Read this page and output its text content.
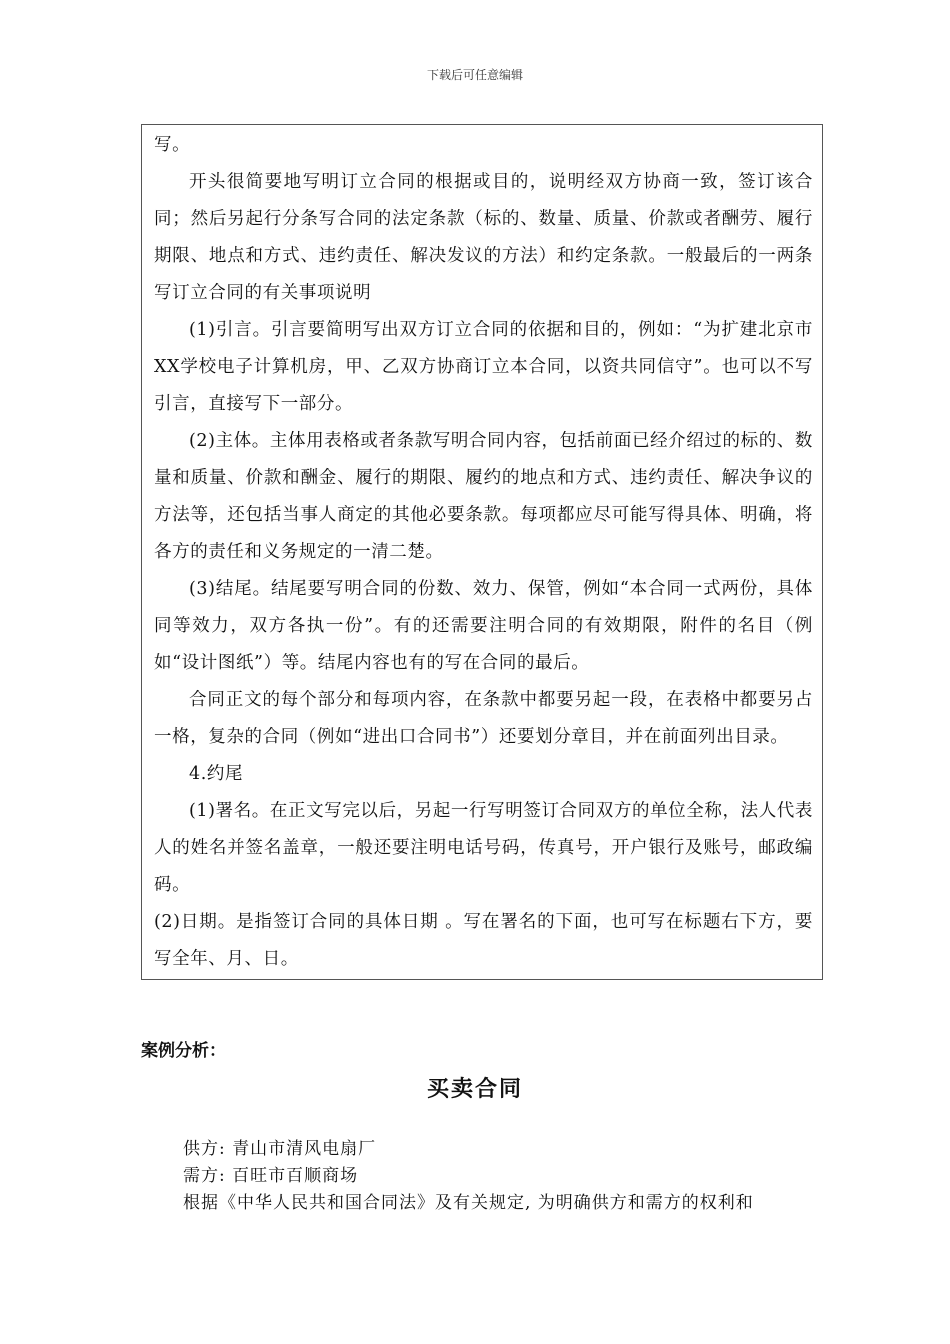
下载后可任意编辑

写。

开头很简要地写明订立合同的根据或目的，说明经双方协商一致，签订该合同；然后另起行分条写合同的法定条款（标的、数量、质量、价款或者酬劳、履行期限、地点和方式、违约责任、解决发议的方法）和约定条款。一般最后的一两条写订立合同的有关事项说明

(1)引言。引言要简明写出双方订立合同的依据和目的，例如：“为扩建北京市XX学校电子计算机房，甲、乙双方协商订立本合同，以资共同信守”。也可以不写引言，直接写下一部分。

(2)主体。主体用表格或者条款写明合同内容，包括前面已经介绍过的标的、数量和质量、价款和酬金、履行的期限、履约的地点和方式、违约责任、解决争议的方法等，还包括当事人商定的其他必要条款。每项都应尽可能写得具体、明确，将各方的责任和义务规定的一清二楚。

(3)结尾。结尾要写明合同的份数、效力、保管，例如“本合同一式两份，具体同等效力，双方各执一份”。有的还需要注明合同的有效期限，附件的名目（例如“设计图纸”）等。结尾内容也有的写在合同的最后。

合同正文的每个部分和每项内容，在条款中都要另起一段，在表格中都要另占一格，复杂的合同（例如“进出口合同书”）还要划分章目，并在前面列出目录。

4.约尾

(1)署名。在正文写完以后，另起一行写明签订合同双方的单位全称，法人代表人的姓名并签名盖章，一般还要注明电话号码，传真号，开户银行及账号，邮政编码。

(2)日期。是指签订合同的具体日期 。写在署名的下面，也可写在标题右下方，要写全年、月、日。

案例分析：
买卖合同
供方: 青山市清风电扇厂
需方: 百旺市百顺商场
根据《中华人民共和国合同法》及有关规定, 为明确供方和需方的权利和
